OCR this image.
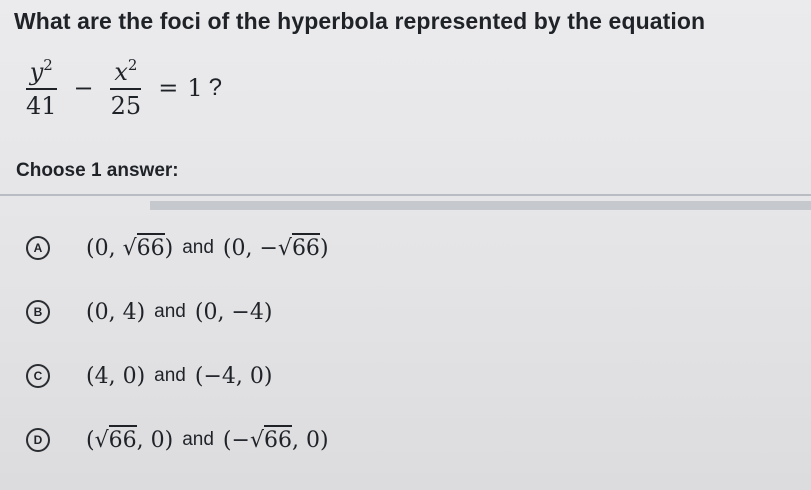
What are the foci of the hyperbola represented by the equation
$\frac{y^2}{41} - \frac{x^2}{25} = 1$ ?
Choose 1 answer:
A	(0, √66) and (0, −√66)
B	(0, 4) and (0, −4)
C	(4, 0) and (−4, 0)
D	(√66, 0) and (−√66, 0)
